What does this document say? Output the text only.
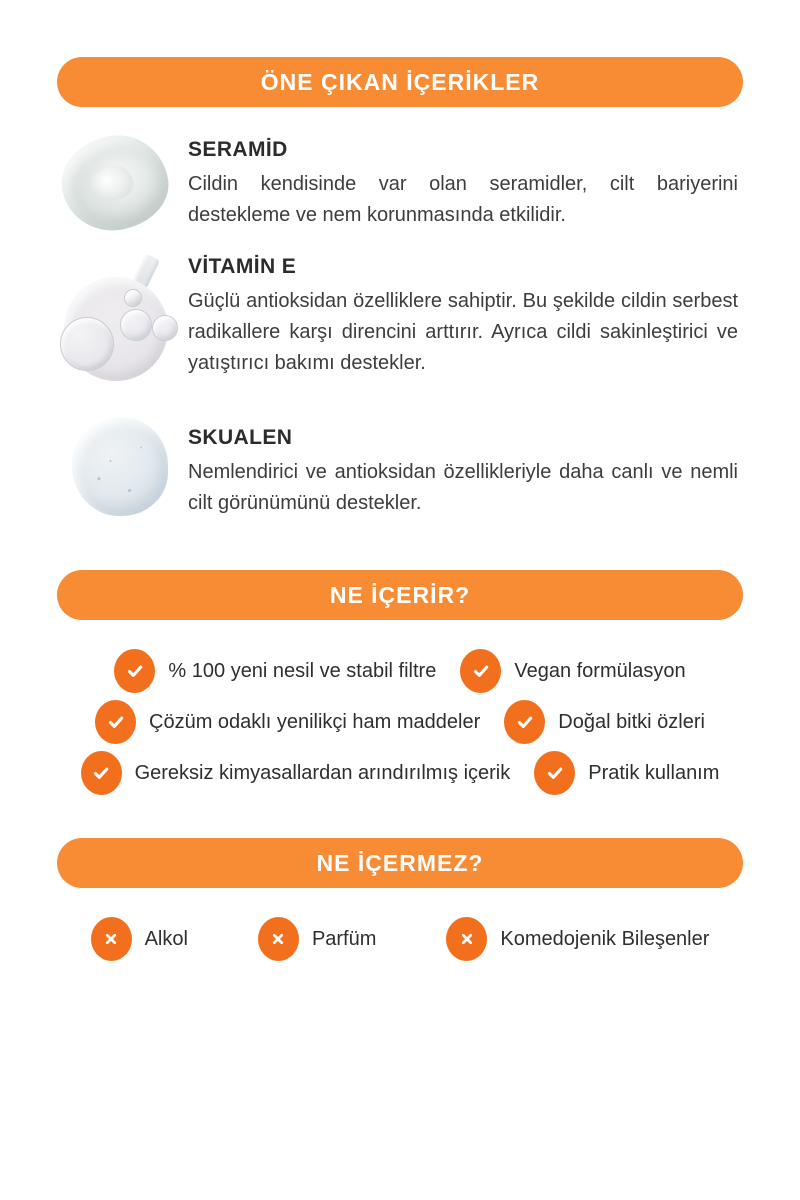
ÖNE ÇIKAN İÇERİKLER
SERAMİD

Cildin kendisinde var olan seramidler, cilt bariyerini destekleme ve nem korunmasında etkilidir.

VİTAMİN E

Güçlü antioksidan özelliklere sahiptir. Bu şekilde cildin serbest radikallere karşı direncini arttırır. Ayrıca cildi sakinleştirici ve yatıştırıcı bakımı destekler.

SKUALEN

Nemlendirici ve antioksidan özellikleriyle daha canlı ve nemli cilt görünümünü destekler.

NE İÇERİR?
% 100 yeni nesil ve stabil filtre	Vegan formülasyon
Çözüm odaklı yenilikçi ham maddeler	Doğal bitki özleri
Gereksiz kimyasallardan arındırılmış içerik	Pratik kullanım
NE İÇERMEZ?
Alkol	Parfüm	Komedojenik Bileşenler
